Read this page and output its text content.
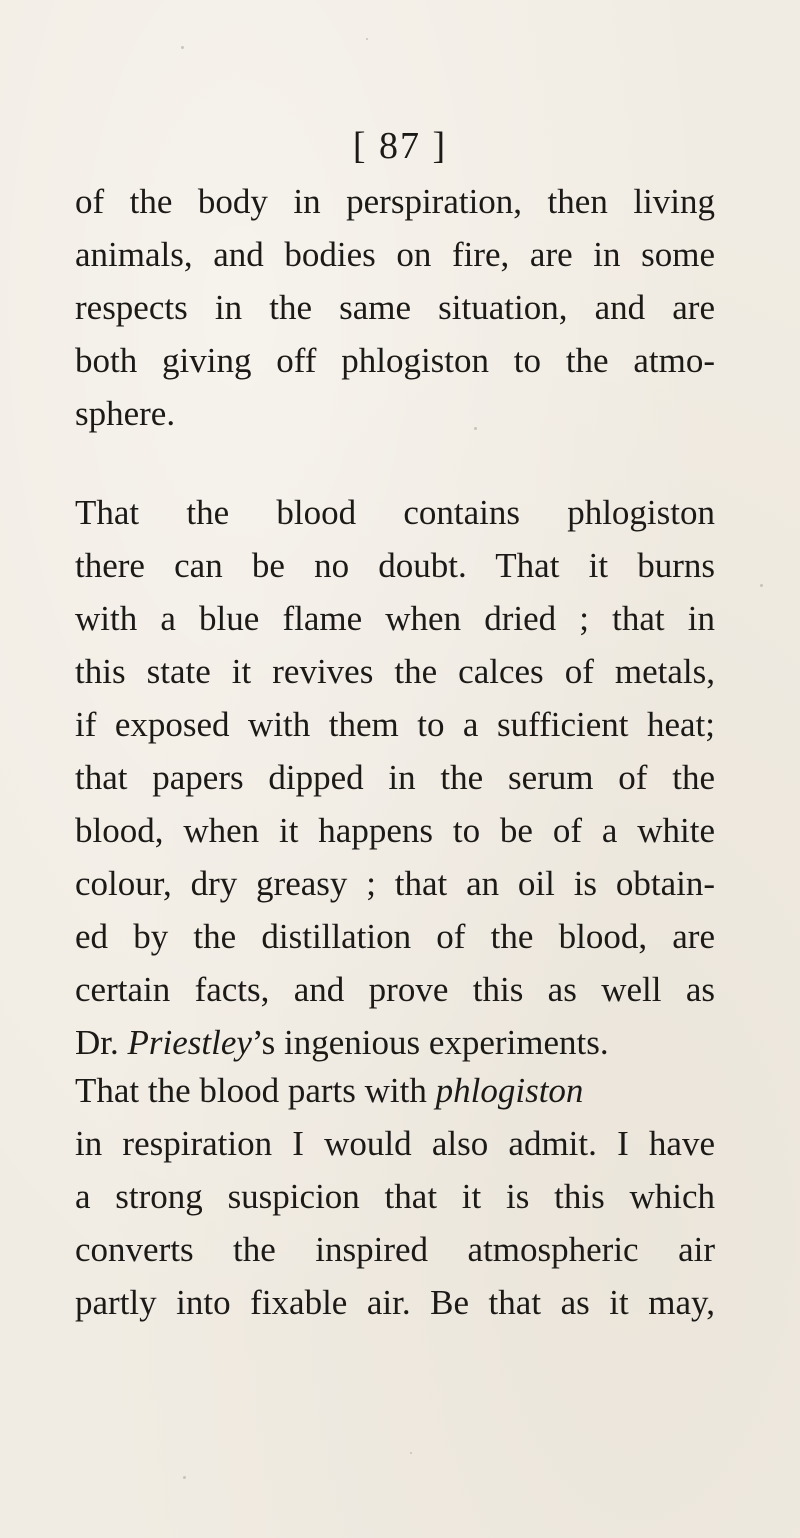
[ 87 ]
of the body in perspiration, then living
animals, and bodies on fire, are in some
respects in the same situation, and are
both giving off phlogiston to the atmo-
sphere.
That the blood contains phlogiston
there can be no doubt. That it burns
with a blue flame when dried ; that in
this state it revives the calces of metals,
if exposed with them to a sufficient heat;
that papers dipped in the serum of the
blood, when it happens to be of a white
colour, dry greasy ; that an oil is obtain-
ed by the distillation of the blood, are
certain facts, and prove this as well as
Dr. Priestley’s ingenious experiments.
That the blood parts with phlogiston
in respiration I would also admit. I have
a strong suspicion that it is this which
converts the inspired atmospheric air
partly into fixable air. Be that as it may,
